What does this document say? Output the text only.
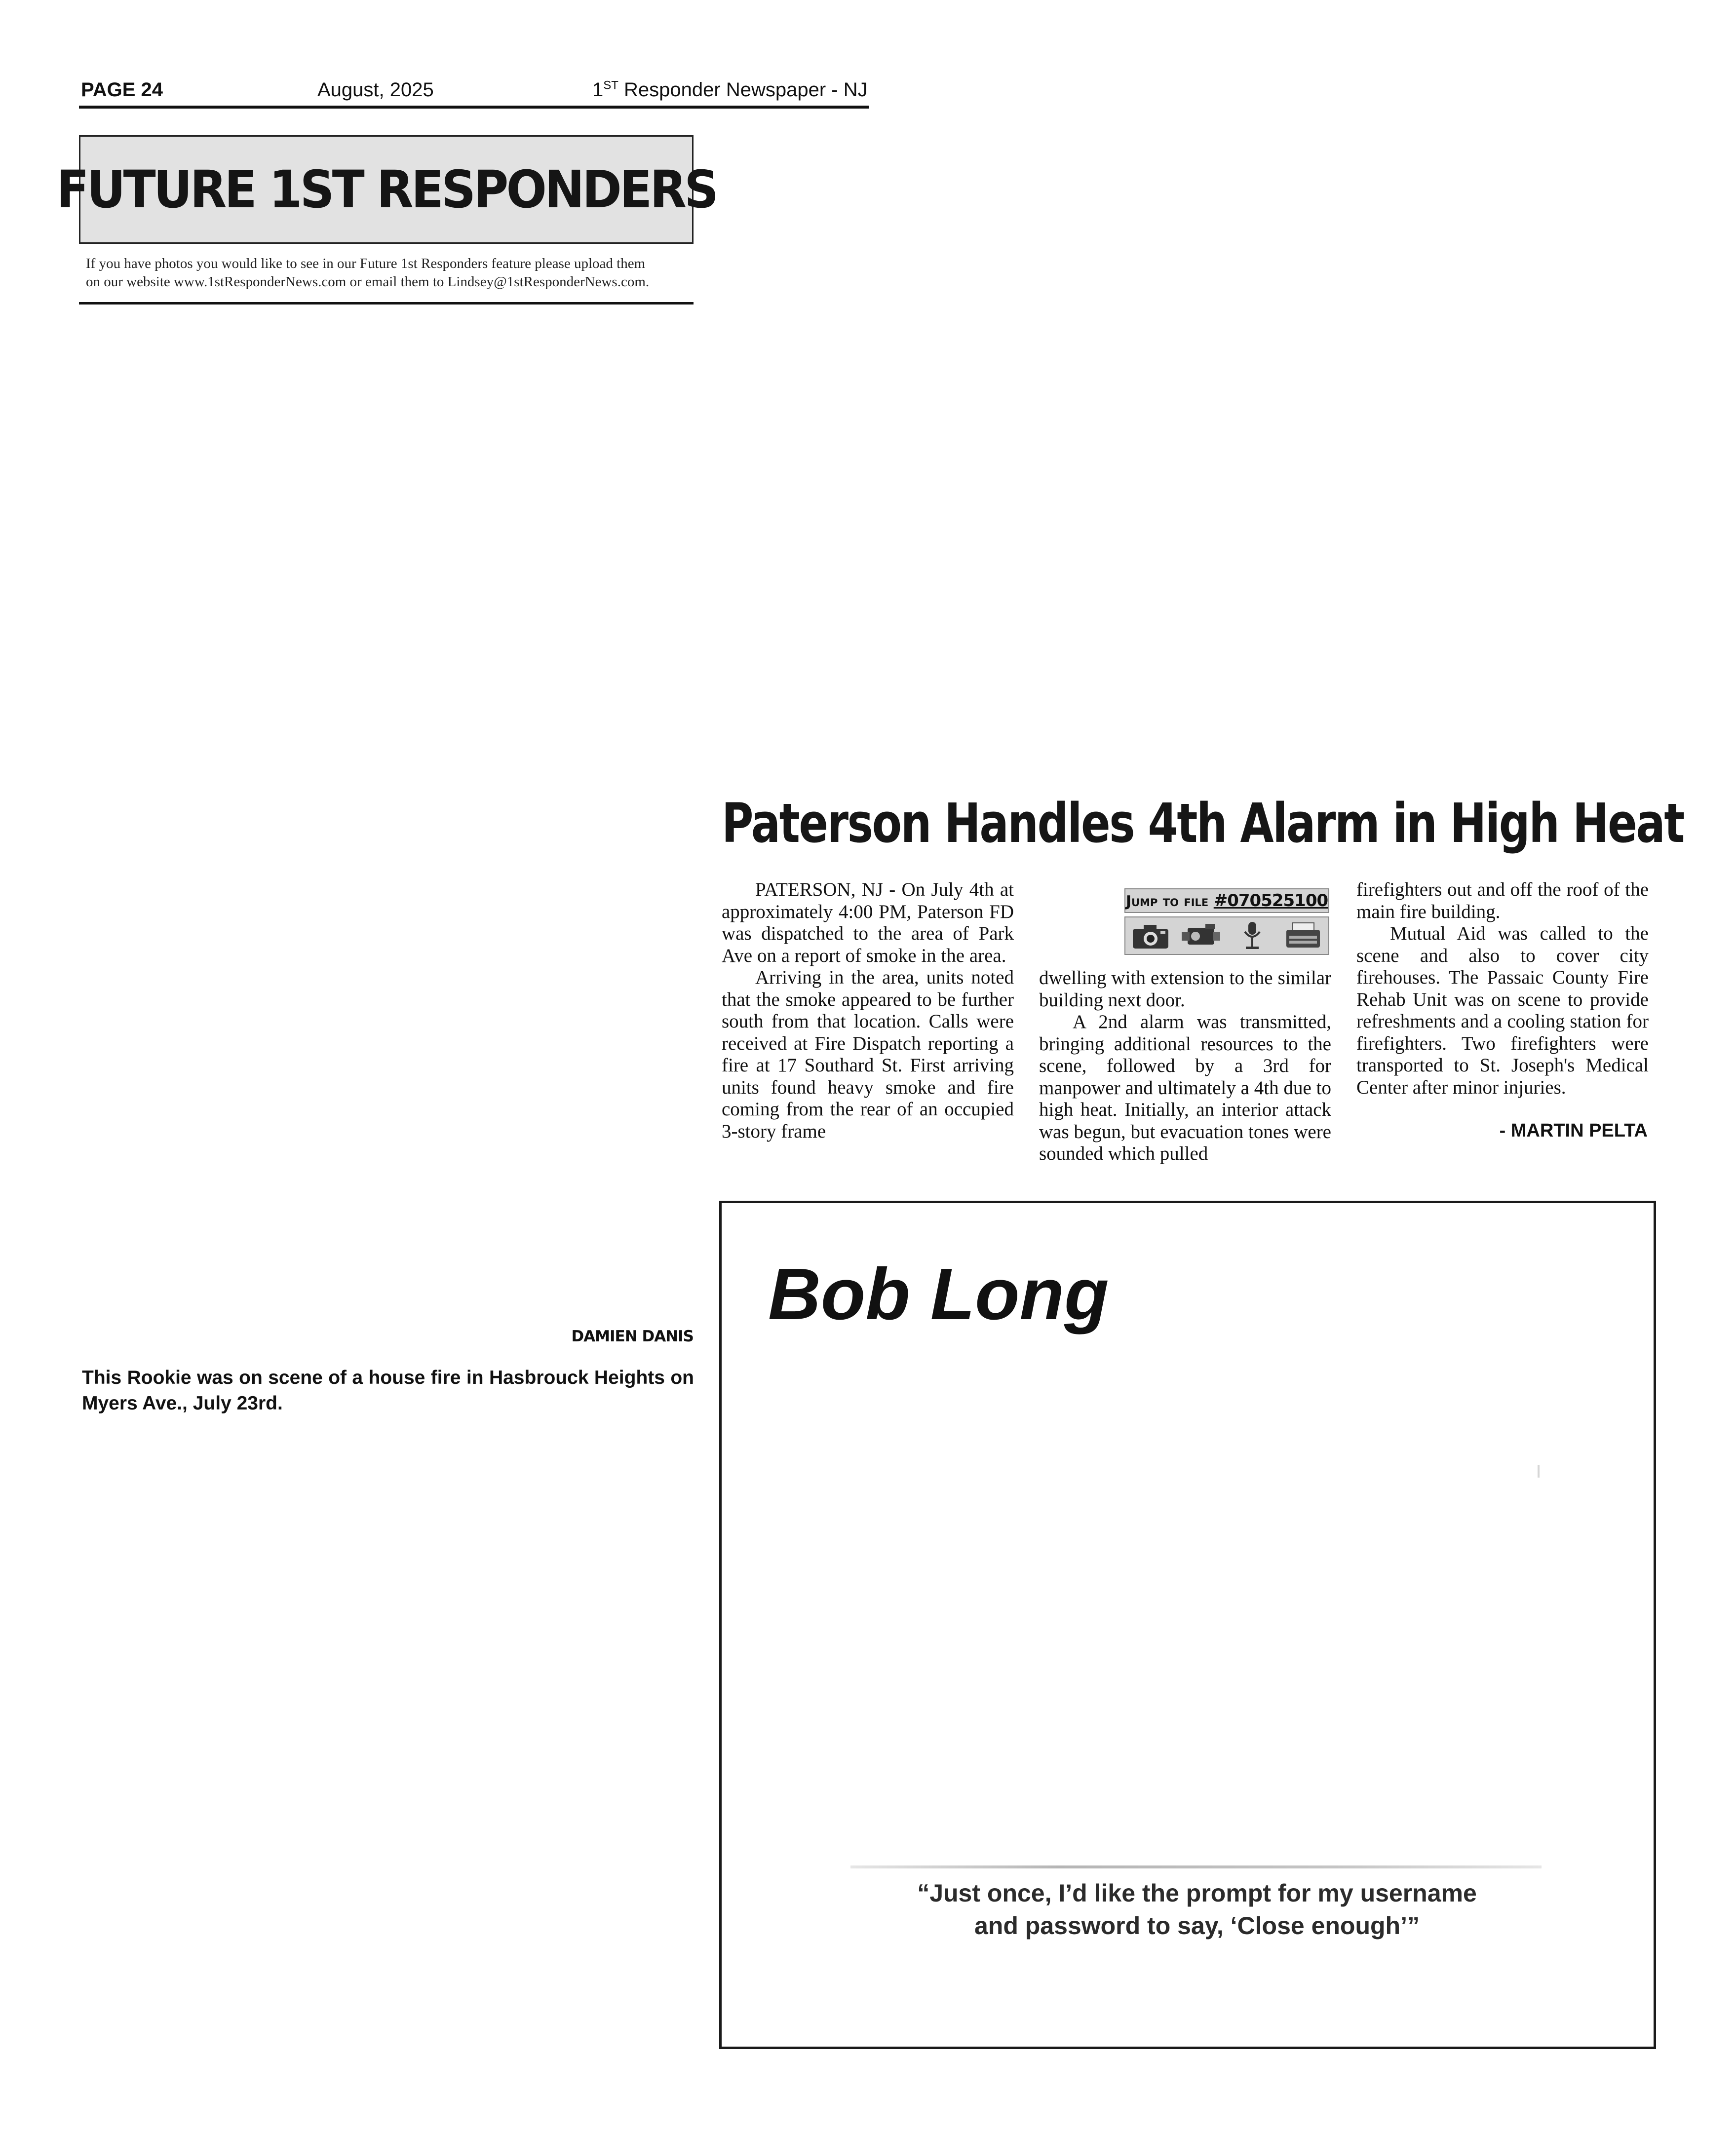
PAGE 24	August, 2025	1ST Responder Newspaper - NJ
FUTURE 1ST RESPONDERS
If you have photos you would like to see in our Future 1st Responders feature please upload them
on our website www.1stResponderNews.com or email them to Lindsey@1stResponderNews.com.
DAMIEN DANIS
This Rookie was on scene of a house fire in Hasbrouck Heights on Myers Ave., July 23rd.
Paterson Handles 4th Alarm in High Heat

PATERSON, NJ - On July 4th at approximately 4:00 PM, Paterson FD was dispatched to the area of Park Ave on a report of smoke in the area.

Arriving in the area, units noted that the smoke appeared to be further south from that location. Calls were received at Fire Dispatch reporting a fire at 17 Southard St. First arriving units found heavy smoke and fire coming from the rear of an occupied 3-story frame

Jump to file #070525100

dwelling with extension to the similar building next door.

A 2nd alarm was transmitted, bringing additional resources to the scene, followed by a 3rd for manpower and ultimately a 4th due to high heat. Initially, an interior attack was begun, but evacuation tones were sounded which pulled

firefighters out and off the roof of the main fire building.

Mutual Aid was called to the scene and also to cover city firehouses. The Passaic County Fire Rehab Unit was on scene to provide refreshments and a cooling station for firefighters. Two firefighters were transported to St. Joseph's Medical Center after minor injuries.

- MARTIN PELTA
Bob Long
“Just once, I’d like the prompt for my username
and password to say, ‘Close enough’”
